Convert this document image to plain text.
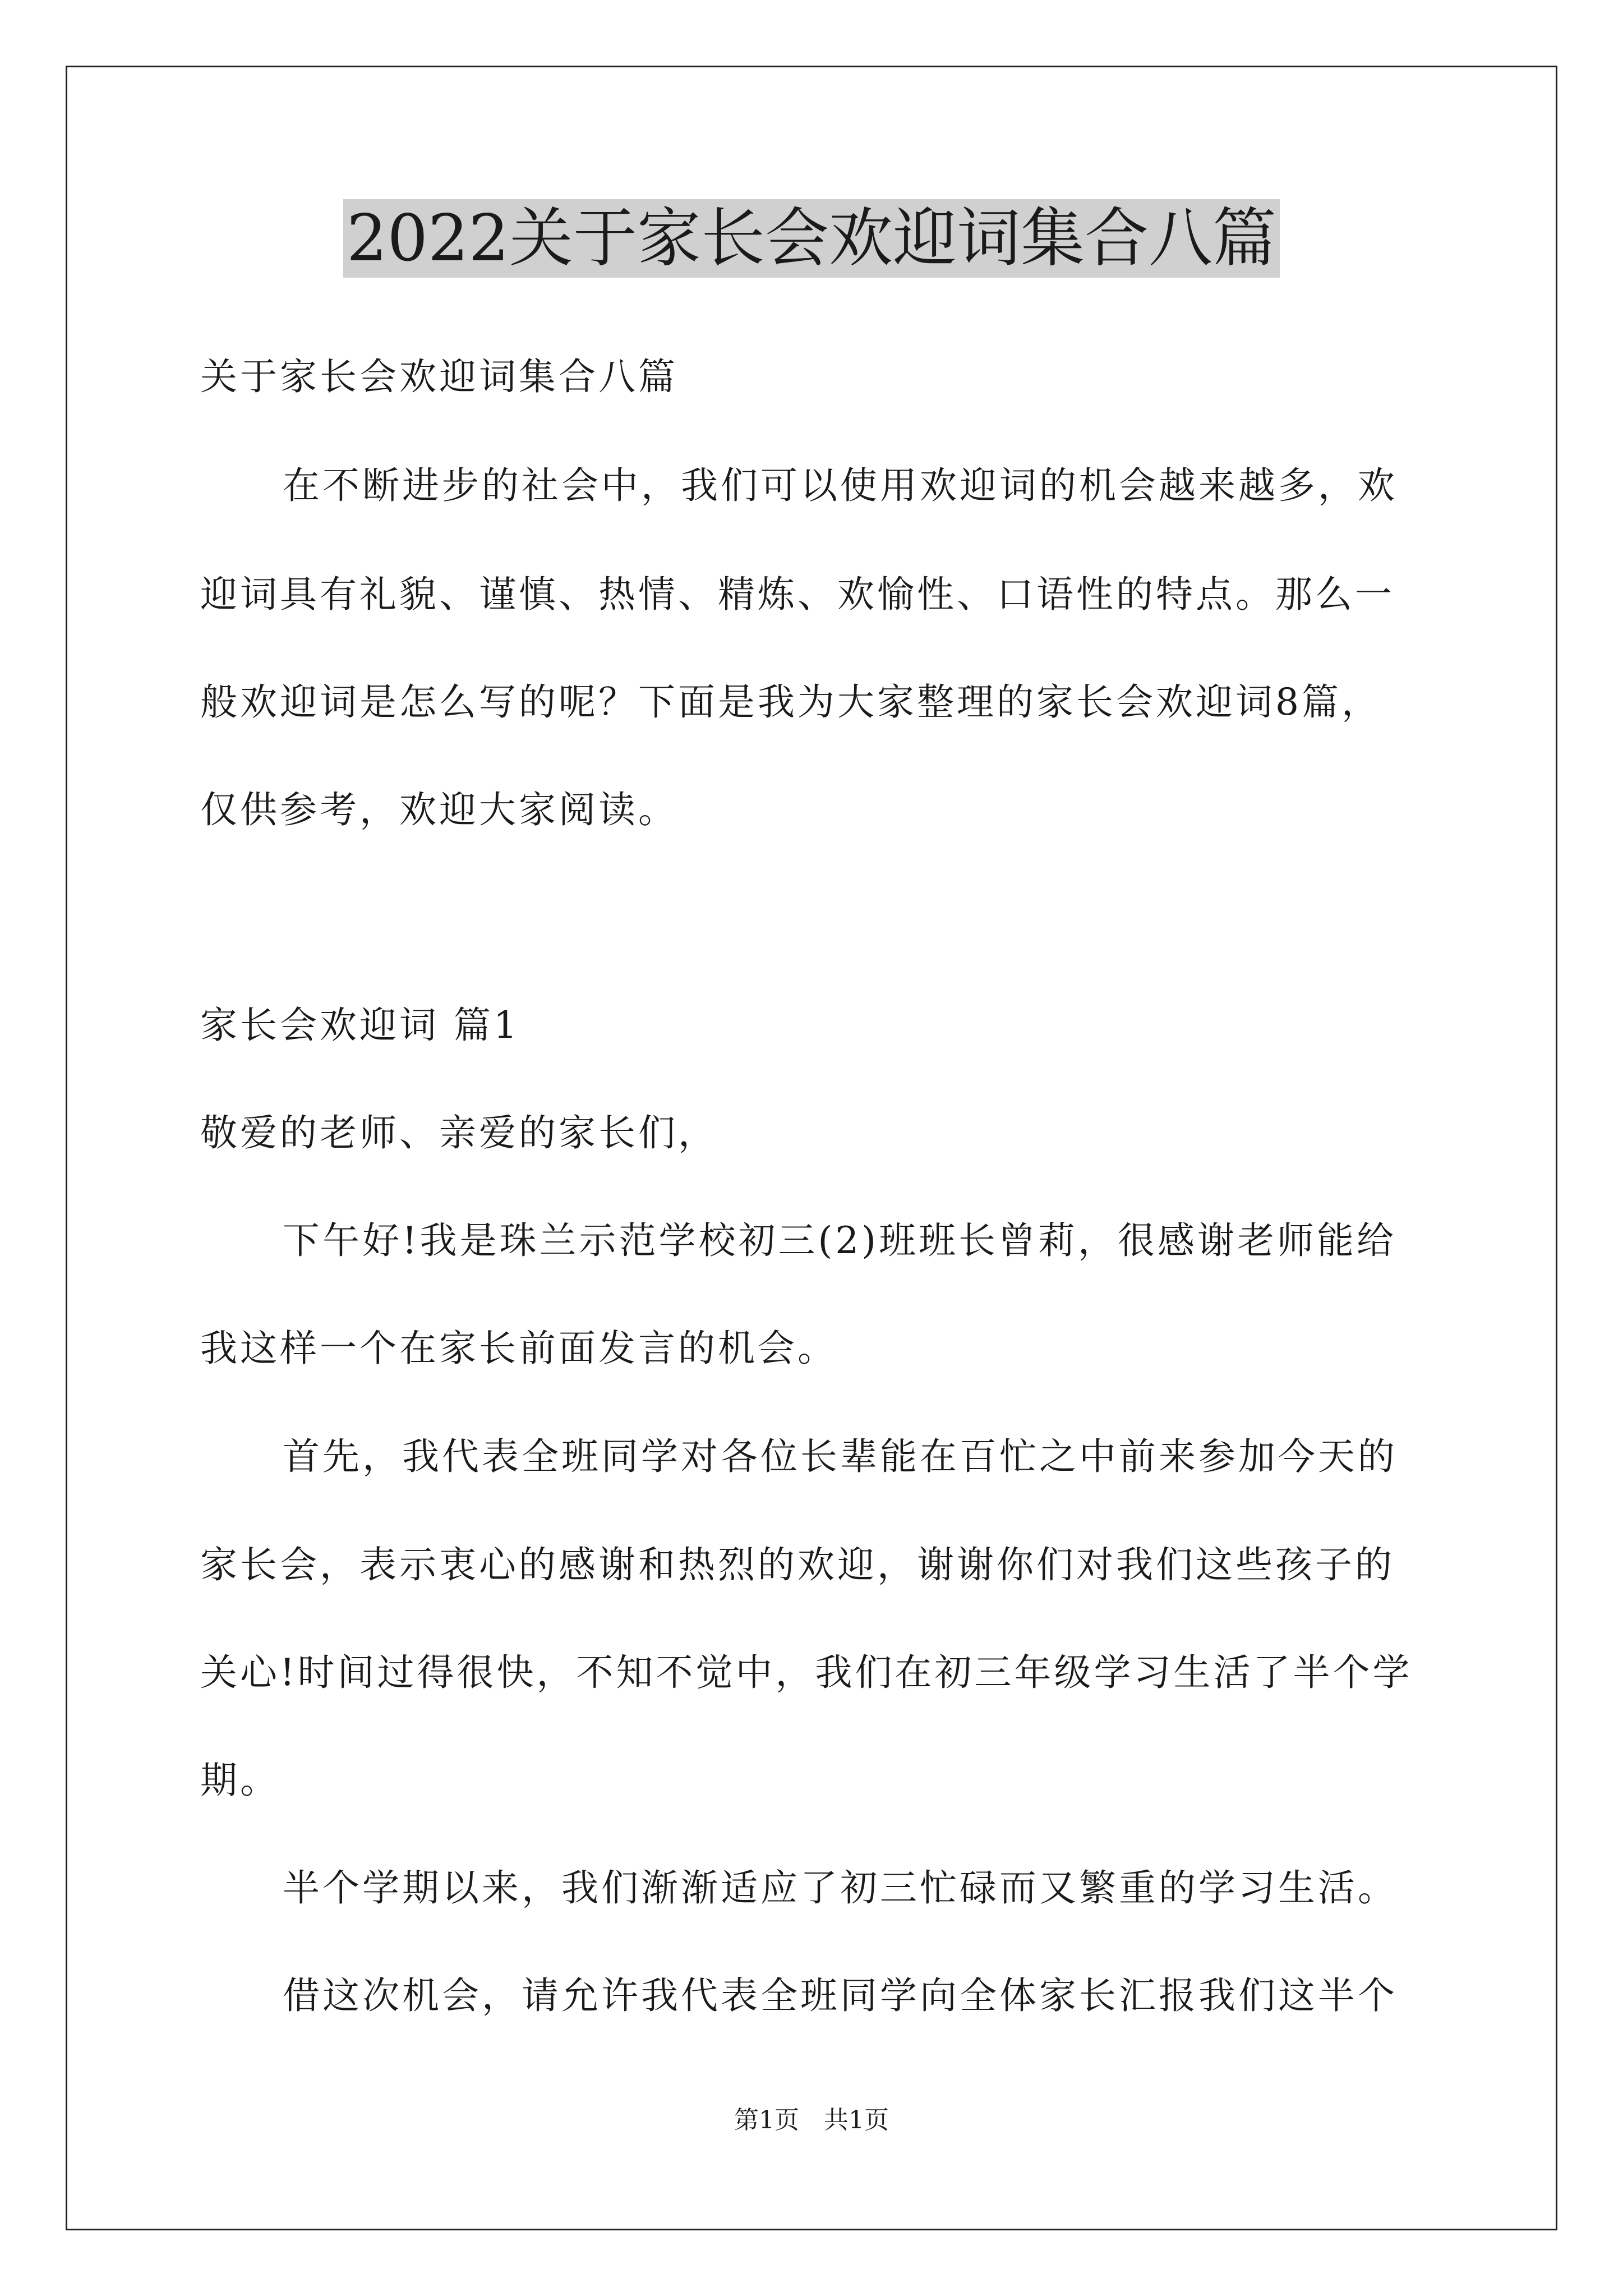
2022关于家长会欢迎词集合八篇
关于家长会欢迎词集合八篇
在不断进步的社会中，我们可以使用欢迎词的机会越来越多，欢
迎词具有礼貌、谨慎、热情、精炼、欢愉性、口语性的特点。那么一
般欢迎词是怎么写的呢？下面是我为大家整理的家长会欢迎词8篇，
仅供参考，欢迎大家阅读。
家长会欢迎词 篇1
敬爱的老师、亲爱的家长们，
下午好!我是珠兰示范学校初三(2)班班长曾莉，很感谢老师能给
我这样一个在家长前面发言的机会。
首先，我代表全班同学对各位长辈能在百忙之中前来参加今天的
家长会，表示衷心的感谢和热烈的欢迎，谢谢你们对我们这些孩子的
关心!时间过得很快，不知不觉中，我们在初三年级学习生活了半个学
期。
半个学期以来，我们渐渐适应了初三忙碌而又繁重的学习生活。
借这次机会，请允许我代表全班同学向全体家长汇报我们这半个
第1页　共1页
